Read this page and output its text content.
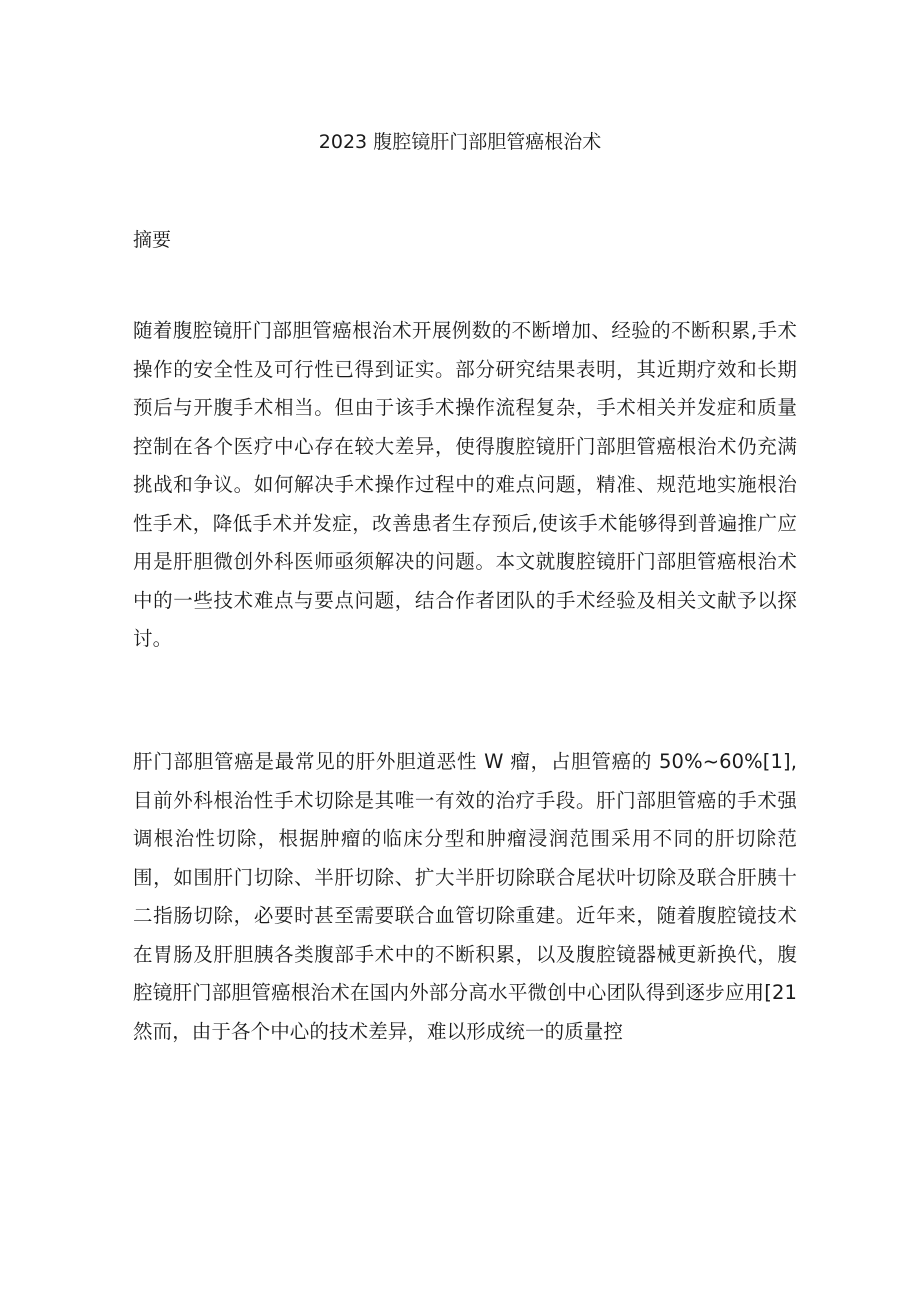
2023 腹腔镜肝门部胆管癌根治术
摘要

随着腹腔镜肝门部胆管癌根治术开展例数的不断增加、经验的不断积累,手术操作的安全性及可行性已得到证实。部分研究结果表明，其近期疗效和长期预后与开腹手术相当。但由于该手术操作流程复杂，手术相关并发症和质量控制在各个医疗中心存在较大差异，使得腹腔镜肝门部胆管癌根治术仍充满挑战和争议。如何解决手术操作过程中的难点问题，精准、规范地实施根治性手术，降低手术并发症，改善患者生存预后,使该手术能够得到普遍推广应用是肝胆微创外科医师亟须解决的问题。本文就腹腔镜肝门部胆管癌根治术中的一些技术难点与要点问题，结合作者团队的手术经验及相关文献予以探讨。

肝门部胆管癌是最常见的肝外胆道恶性 W 瘤，占胆管癌的 50%~60%[1],目前外科根治性手术切除是其唯一有效的治疗手段。肝门部胆管癌的手术强调根治性切除，根据肿瘤的临床分型和肿瘤浸润范围采用不同的肝切除范围，如围肝门切除、半肝切除、扩大半肝切除联合尾状叶切除及联合肝胰十二指肠切除，必要时甚至需要联合血管切除重建。近年来，随着腹腔镜技术在胃肠及肝胆胰各类腹部手术中的不断积累，以及腹腔镜器械更新换代，腹腔镜肝门部胆管癌根治术在国内外部分高水平微创中心团队得到逐步应用[21 然而，由于各个中心的技术差异，难以形成统一的质量控
